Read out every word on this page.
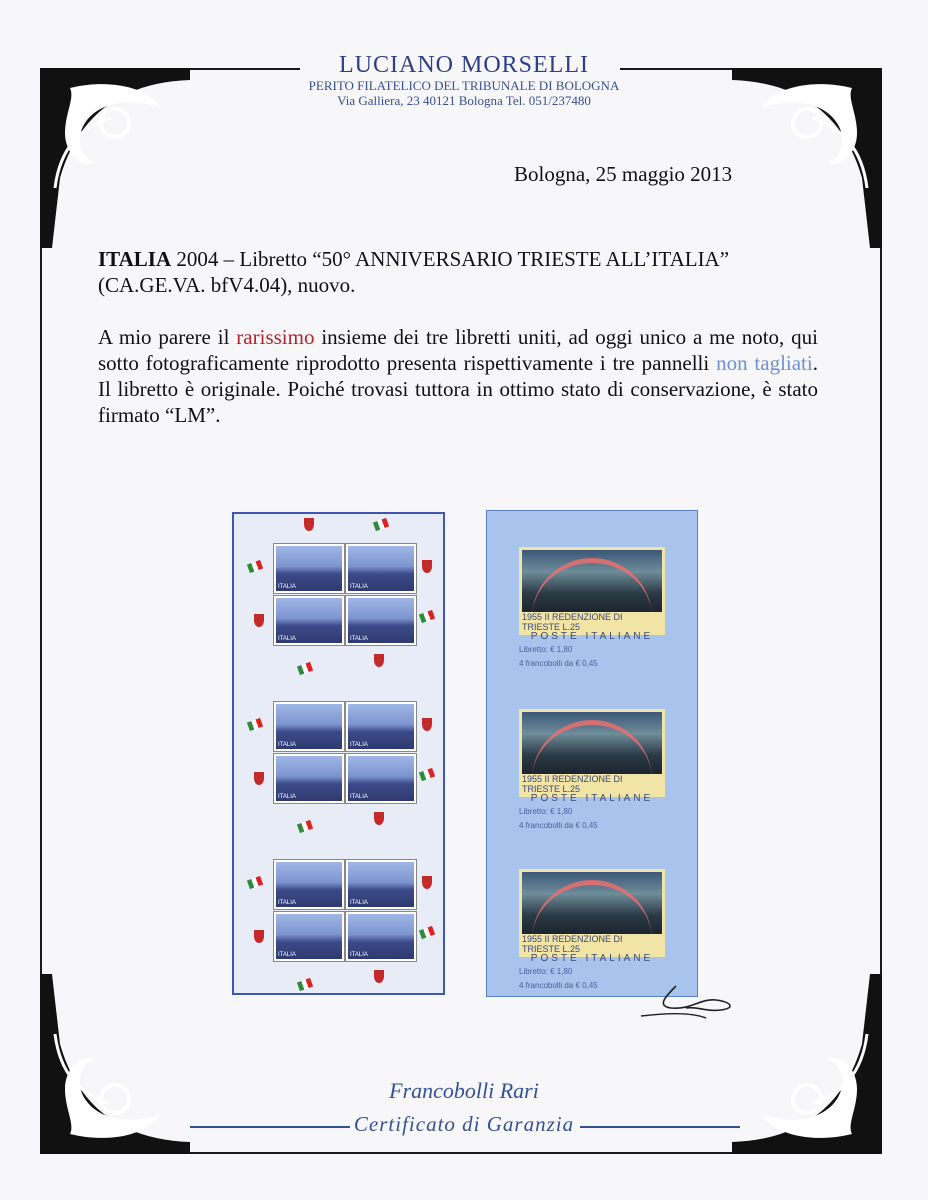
LUCIANO MORSELLI
PERITO FILATELICO DEL TRIBUNALE DI BOLOGNA
Via Galliera, 23 40121 Bologna Tel. 051/237480
Bologna, 25 maggio 2013
ITALIA 2004 – Libretto “50° ANNIVERSARIO TRIESTE ALL’ITALIA”
(CA.GE.VA. bfV4.04), nuovo.
A mio parere il rarissimo insieme dei tre libretti uniti, ad oggi unico a me noto, qui sotto fotograficamente riprodotto presenta rispettivamente i tre pannelli non tagliati. Il libretto è originale. Poiché trovasi tuttora in ottimo stato di conservazione, è stato firmato “LM”.
ITALIA	ITALIA
ITALIA	ITALIA
ITALIA	ITALIA
ITALIA	ITALIA
ITALIA	ITALIA
ITALIA	ITALIA
1955 II REDENZIONE DI TRIESTE L.25
POSTE ITALIANE
Libretto: € 1,80
4 francobolli da € 0,45
1955 II REDENZIONE DI TRIESTE L.25
POSTE ITALIANE
Libretto: € 1,80
4 francobolli da € 0,45
1955 II REDENZIONE DI TRIESTE L.25
POSTE ITALIANE
Libretto: € 1,80
4 francobolli da € 0,45
Francobolli Rari
Certificato di Garanzia
